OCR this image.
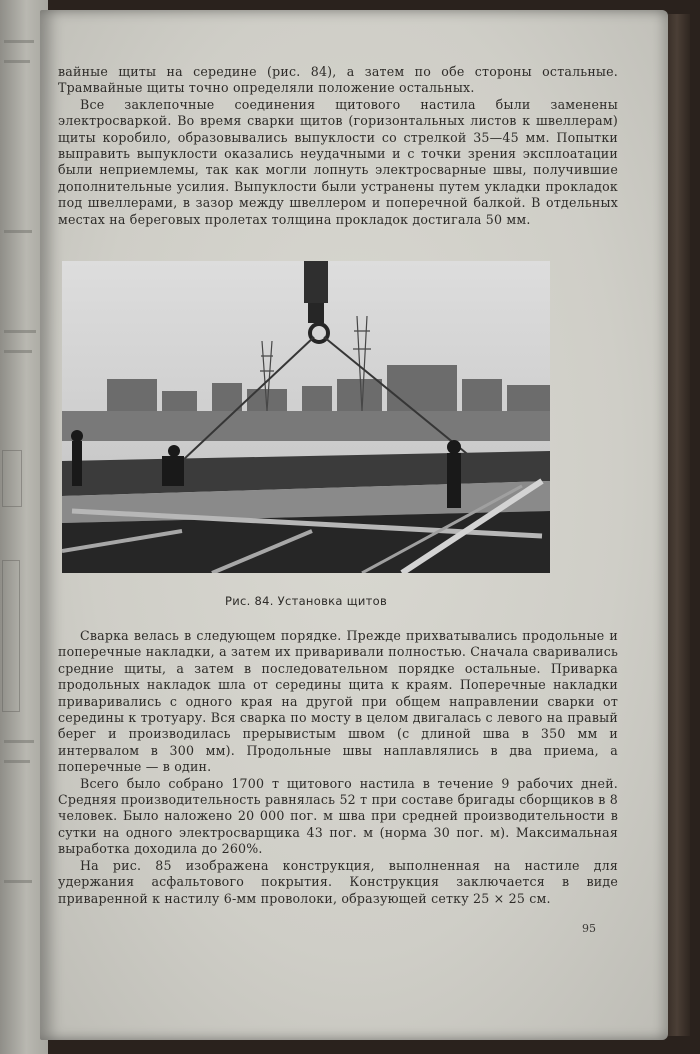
вайные щиты на середине (рис. 84), а затем по обе стороны остальные. Трамвайные щиты точно определяли положение остальных.

Все заклепочные соединения щитового настила были заменены электросваркой. Во время сварки щитов (горизонтальных листов к швеллерам) щиты коробило, образовывались выпуклости со стрелкой 35—45 мм. Попытки выправить выпуклости оказались неудачными и с точки зрения эксплоатации были неприемлемы, так как могли лопнуть электросварные швы, получившие дополнительные усилия. Выпуклости были устранены путем укладки прокладок под швеллерами, в зазор между швеллером и поперечной балкой. В отдельных местах на береговых пролетах толщина прокладок достигала 50 мм.

Рис. 84. Установка щитов

Сварка велась в следующем порядке. Прежде прихватывались продольные и поперечные накладки, а затем их приваривали полностью. Сначала сваривались средние щиты, а затем в последовательном порядке остальные. Приварка продольных накладок шла от середины щита к краям. Поперечные накладки приваривались с одного края на другой при общем направлении сварки от середины к тротуару. Вся сварка по мосту в целом двигалась с левого на правый берег и производилась прерывистым швом (с длиной шва в 350 мм и интервалом в 300 мм). Продольные швы наплавлялись в два приема, а поперечные — в один.

Всего было собрано 1700 т щитового настила в течение 9 рабочих дней. Средняя производительность равнялась 52 т при составе бригады сборщиков в 8 человек. Было наложено 20 000 пог. м шва при средней производительности в сутки на одного электросварщика 43 пог. м (норма 30 пог. м). Максимальная выработка доходила до 260%.

На рис. 85 изображена конструкция, выполненная на настиле для удержания асфальтового покрытия. Конструкция заключается в виде приваренной к настилу 6-мм проволоки, образующей сетку 25 × 25 см.

95
